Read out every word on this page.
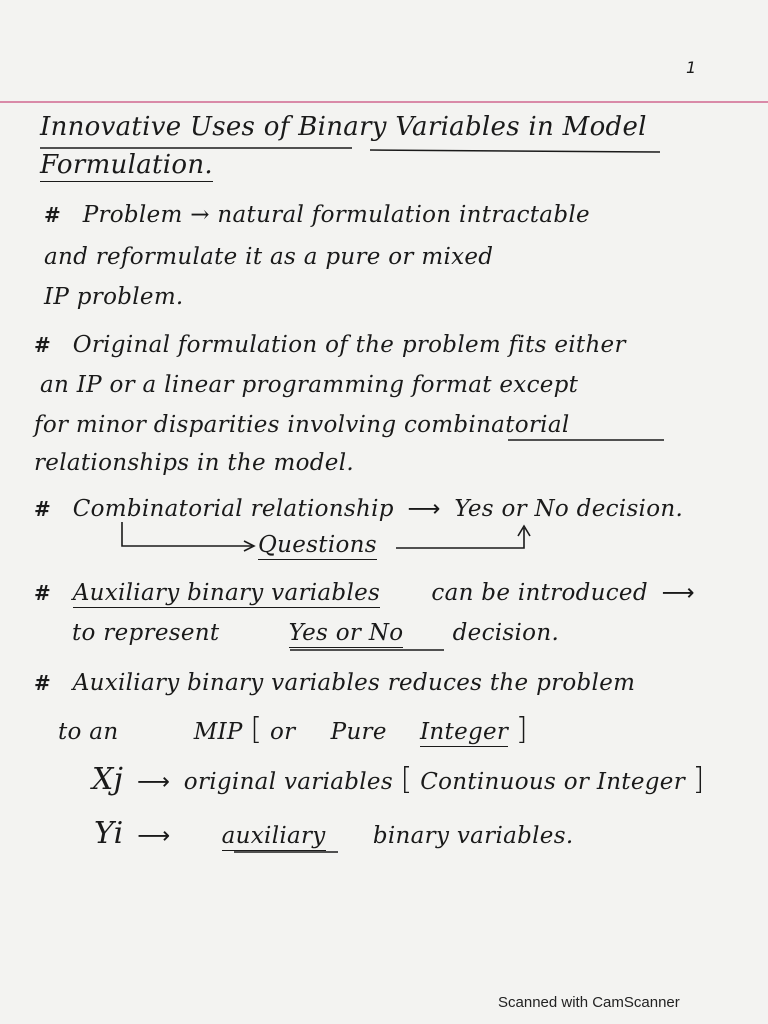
1
Innovative Uses of Binary Variables in Model
Formulation.
# Problem → natural formulation intractable
and reformulate it as a pure or mixed
IP problem.
# Original formulation of the problem fits either
an IP or a linear programming format except
for minor disparities involving combinatorial
relationships in the model.
# Combinatorial relationship ⟶ Yes or No decision.
Questions
# Auxiliary binary variables can be introduced ⟶
to represent	Yes or No decision.
# Auxiliary binary variables reduces the problem
to an	MIP [ or Pure Integer ]
Xj ⟶ original variables [ Continuous or Integer ]
Yi ⟶ auxiliary binary variables.
Scanned with CamScanner
